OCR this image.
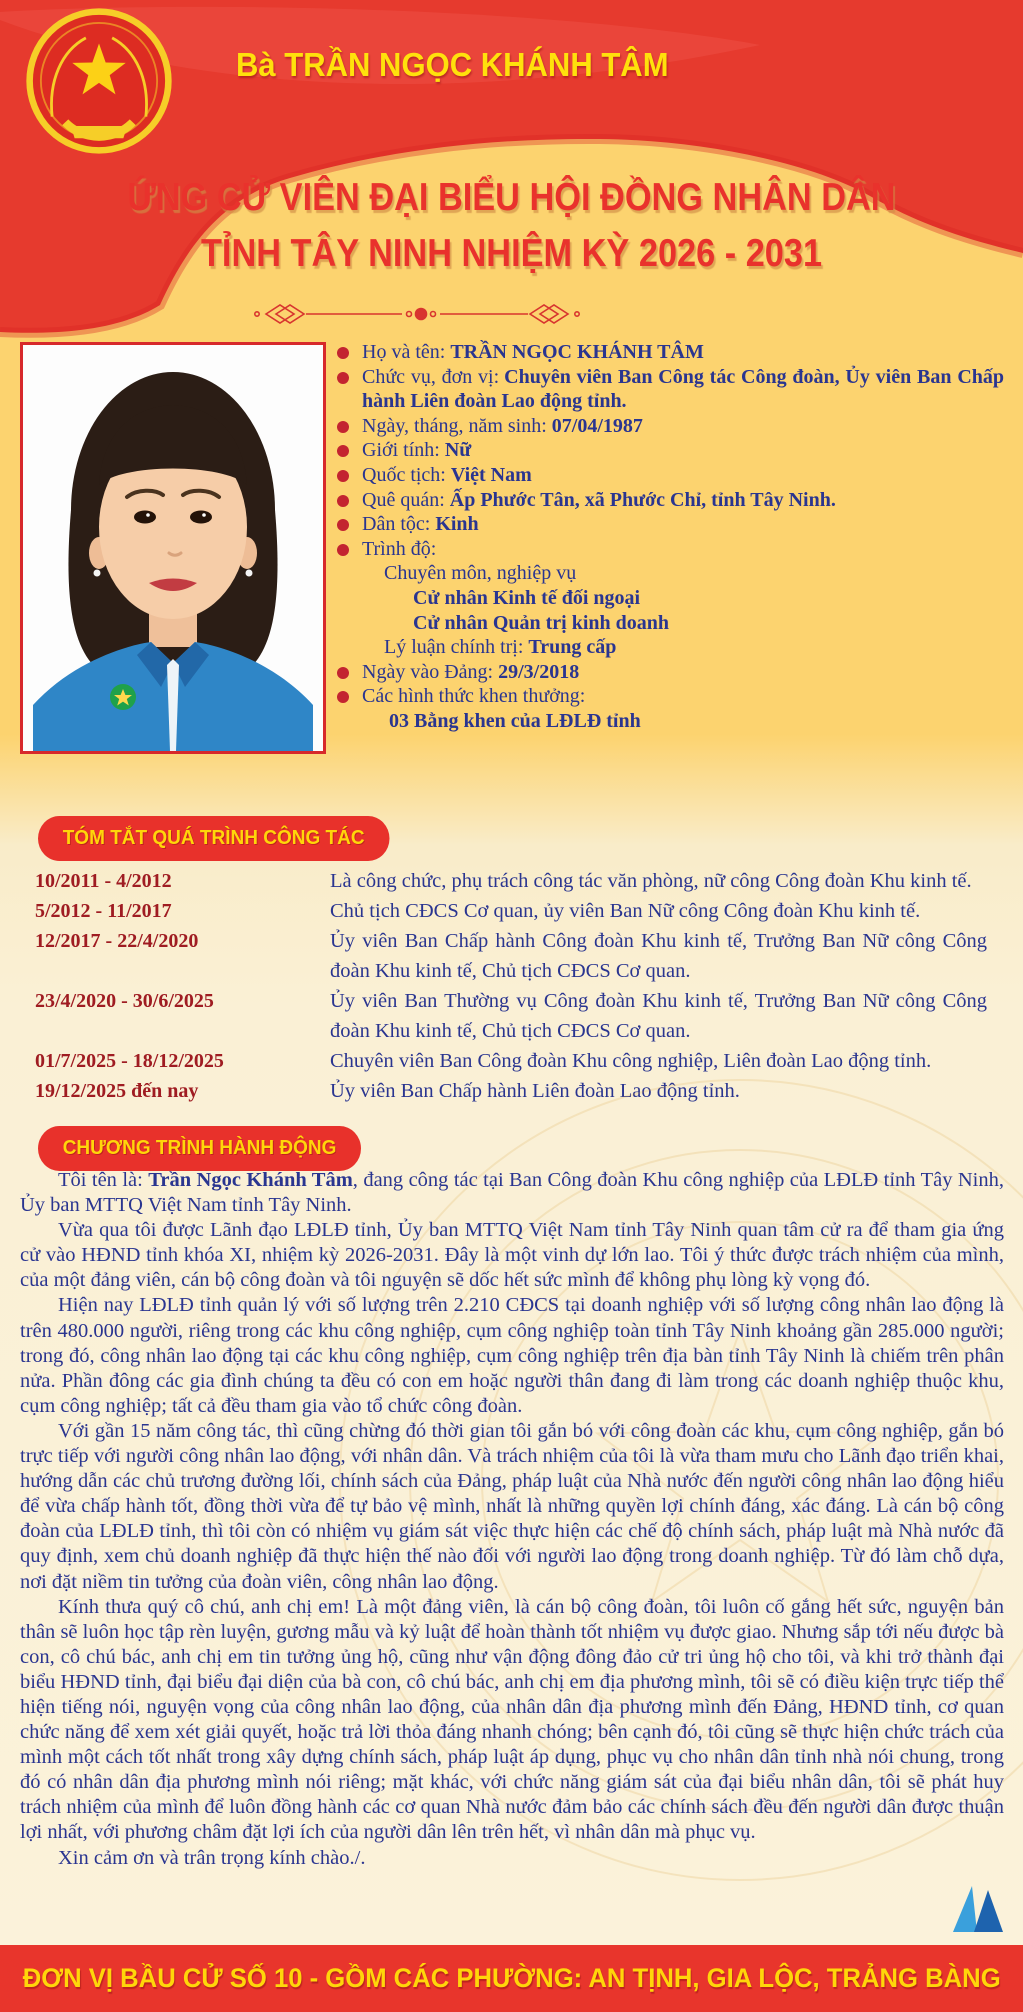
Bà TRẦN NGỌC KHÁNH TÂM
ỨNG CỬ VIÊN ĐẠI BIỂU HỘI ĐỒNG NHÂN DÂN
TỈNH TÂY NINH NHIỆM KỲ 2026 - 2031
Họ và tên: TRẦN NGỌC KHÁNH TÂM
Chức vụ, đơn vị: Chuyên viên Ban Công tác Công đoàn, Ủy viên Ban Chấp hành Liên đoàn Lao động tỉnh.
Ngày, tháng, năm sinh: 07/04/1987
Giới tính: Nữ
Quốc tịch: Việt Nam
Quê quán: Ấp Phước Tân, xã Phước Chỉ, tỉnh Tây Ninh.
Dân tộc: Kinh
Trình độ:
Chuyên môn, nghiệp vụ
Cử nhân Kinh tế đối ngoại
Cử nhân Quản trị kinh doanh
Lý luận chính trị: Trung cấp
Ngày vào Đảng: 29/3/2018
Các hình thức khen thưởng:
03 Bằng khen của LĐLĐ tỉnh
TÓM TẮT QUÁ TRÌNH CÔNG TÁC
10/2011 - 4/2012	Là công chức, phụ trách công tác văn phòng, nữ công Công đoàn Khu kinh tế.
5/2012 - 11/2017	Chủ tịch CĐCS Cơ quan, ủy viên Ban Nữ công Công đoàn Khu kinh tế.
12/2017 - 22/4/2020	Ủy viên Ban Chấp hành Công đoàn Khu kinh tế, Trưởng Ban Nữ công Công đoàn Khu kinh tế, Chủ tịch CĐCS Cơ quan.
23/4/2020 - 30/6/2025	Ủy viên Ban Thường vụ Công đoàn Khu kinh tế, Trưởng Ban Nữ công Công đoàn Khu kinh tế, Chủ tịch CĐCS Cơ quan.
01/7/2025 - 18/12/2025	Chuyên viên Ban Công đoàn Khu công nghiệp, Liên đoàn Lao động tỉnh.
19/12/2025 đến nay	Ủy viên Ban Chấp hành Liên đoàn Lao động tỉnh.
CHƯƠNG TRÌNH HÀNH ĐỘNG

Tôi tên là: Trần Ngọc Khánh Tâm, đang công tác tại Ban Công đoàn Khu công nghiệp của LĐLĐ tỉnh Tây Ninh, Ủy ban MTTQ Việt Nam tỉnh Tây Ninh.

Vừa qua tôi được Lãnh đạo LĐLĐ tỉnh, Ủy ban MTTQ Việt Nam tỉnh Tây Ninh quan tâm cử ra để tham gia ứng cử vào HĐND tỉnh khóa XI, nhiệm kỳ 2026-2031. Đây là một vinh dự lớn lao. Tôi ý thức được trách nhiệm của mình, của một đảng viên, cán bộ công đoàn và tôi nguyện sẽ dốc hết sức mình để không phụ lòng kỳ vọng đó.

Hiện nay LĐLĐ tỉnh quản lý với số lượng trên 2.210 CĐCS tại doanh nghiệp với số lượng công nhân lao động là trên 480.000 người, riêng trong các khu công nghiệp, cụm công nghiệp toàn tỉnh Tây Ninh khoảng gần 285.000 người; trong đó, công nhân lao động tại các khu công nghiệp, cụm công nghiệp trên địa bàn tỉnh Tây Ninh là chiếm trên phân nửa. Phần đông các gia đình chúng ta đều có con em hoặc người thân đang đi làm trong các doanh nghiệp thuộc khu, cụm công nghiệp; tất cả đều tham gia vào tổ chức công đoàn.

Với gần 15 năm công tác, thì cũng chừng đó thời gian tôi gắn bó với công đoàn các khu, cụm công nghiệp, gắn bó trực tiếp với người công nhân lao động, với nhân dân. Và trách nhiệm của tôi là vừa tham mưu cho Lãnh đạo triển khai, hướng dẫn các chủ trương đường lối, chính sách của Đảng, pháp luật của Nhà nước đến người công nhân lao động hiểu để vừa chấp hành tốt, đồng thời vừa để tự bảo vệ mình, nhất là những quyền lợi chính đáng, xác đáng. Là cán bộ công đoàn của LĐLĐ tỉnh, thì tôi còn có nhiệm vụ giám sát việc thực hiện các chế độ chính sách, pháp luật mà Nhà nước đã quy định, xem chủ doanh nghiệp đã thực hiện thế nào đối với người lao động trong doanh nghiệp. Từ đó làm chỗ dựa, nơi đặt niềm tin tưởng của đoàn viên, công nhân lao động.

Kính thưa quý cô chú, anh chị em! Là một đảng viên, là cán bộ công đoàn, tôi luôn cố gắng hết sức, nguyện bản thân sẽ luôn học tập rèn luyện, gương mẫu và kỷ luật để hoàn thành tốt nhiệm vụ được giao. Nhưng sắp tới nếu được bà con, cô chú bác, anh chị em tin tưởng ủng hộ, cũng như vận động đông đảo cử tri ủng hộ cho tôi, và khi trở thành đại biểu HĐND tỉnh, đại biểu đại diện của bà con, cô chú bác, anh chị em địa phương mình, tôi sẽ có điều kiện trực tiếp thể hiện tiếng nói, nguyện vọng của công nhân lao động, của nhân dân địa phương mình đến Đảng, HĐND tỉnh, cơ quan chức năng để xem xét giải quyết, hoặc trả lời thỏa đáng nhanh chóng; bên cạnh đó, tôi cũng sẽ thực hiện chức trách của mình một cách tốt nhất trong xây dựng chính sách, pháp luật áp dụng, phục vụ cho nhân dân tỉnh nhà nói chung, trong đó có nhân dân địa phương mình nói riêng; mặt khác, với chức năng giám sát của đại biểu nhân dân, tôi sẽ phát huy trách nhiệm của mình để luôn đồng hành các cơ quan Nhà nước đảm bảo các chính sách đều đến người dân được thuận lợi nhất, với phương châm đặt lợi ích của người dân lên trên hết, vì nhân dân mà phục vụ.

Xin cảm ơn và trân trọng kính chào./.

ĐƠN VỊ BẦU CỬ SỐ 10 - GỒM CÁC PHƯỜNG: AN TỊNH, GIA LỘC, TRẢNG BÀNG
